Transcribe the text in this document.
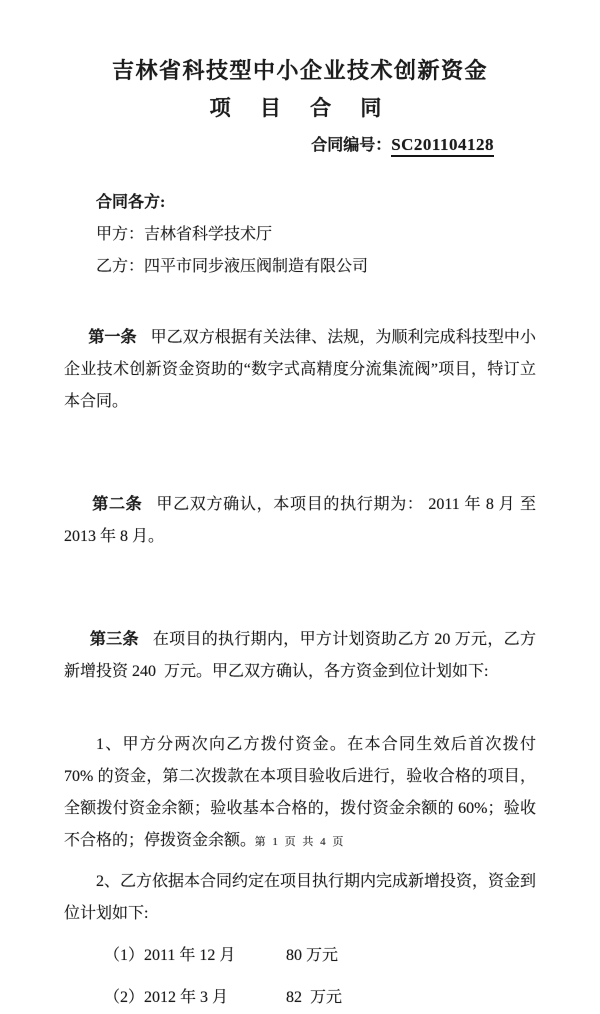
吉林省科技型中小企业技术创新资金
项 目 合 同
合同编号：SC201104128

合同各方:

甲方：吉林省科学技术厅

乙方：四平市同步液压阀制造有限公司

第一条 甲乙双方根据有关法律、法规，为顺利完成科技型中小企业技术创新资金资助的“数字式高精度分流集流阀”项目，特订立本合同。

第二条 甲乙双方确认，本项目的执行期为： 2011 年 8 月 至 2013 年 8 月。

第三条 在项目的执行期内，甲方计划资助乙方 20 万元，乙方新增投资 240  万元。甲乙双方确认，各方资金到位计划如下:

1、甲方分两次向乙方拨付资金。在本合同生效后首次拨付 70% 的资金，第二次拨款在本项目验收后进行，验收合格的项目，全额拨付资金余额；验收基本合格的，拨付资金余额的 60%；验收不合格的；停拨资金余额。

2、乙方依据本合同约定在项目执行期内完成新增投资，资金到位计划如下:

（1）2011 年 12 月	80 万元
（2）2012 年 3 月	82  万元
第 1 页 共 4 页
